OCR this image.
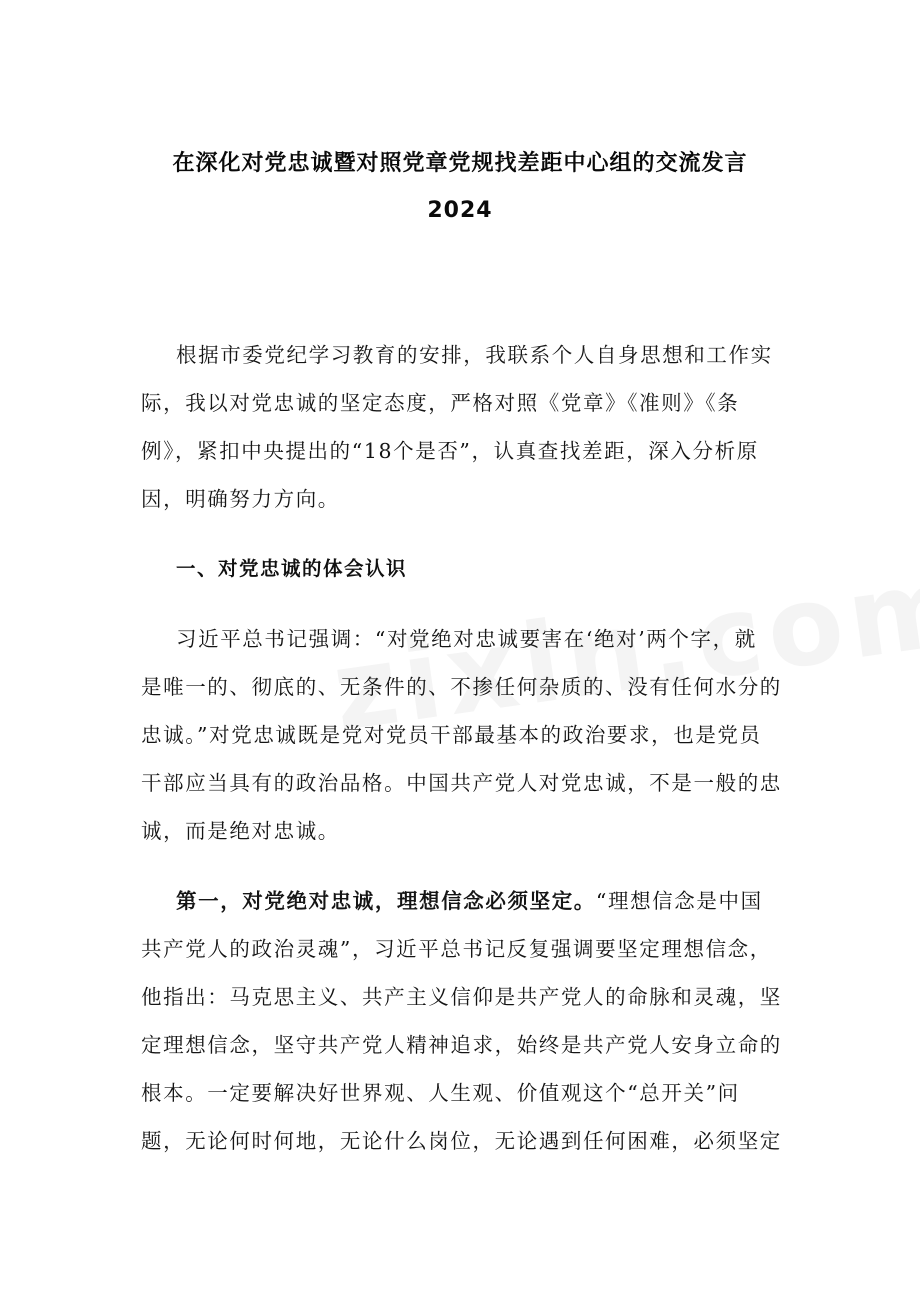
在深化对党忠诚暨对照党章党规找差距中心组的交流发言
2024
根据市委党纪学习教育的安排，我联系个人自身思想和工作实
际，我以对党忠诚的坚定态度，严格对照《党章》《准则》《条
例》，紧扣中央提出的“18个是否”，认真查找差距，深入分析原
因，明确努力方向。
一、对党忠诚的体会认识
习近平总书记强调：“对党绝对忠诚要害在‘绝对’两个字，就
是唯一的、彻底的、无条件的、不掺任何杂质的、没有任何水分的
忠诚。”对党忠诚既是党对党员干部最基本的政治要求，也是党员
干部应当具有的政治品格。中国共产党人对党忠诚，不是一般的忠
诚，而是绝对忠诚。
第一，对党绝对忠诚，理想信念必须坚定。“理想信念是中国
共产党人的政治灵魂”，习近平总书记反复强调要坚定理想信念，
他指出：马克思主义、共产主义信仰是共产党人的命脉和灵魂，坚
定理想信念，坚守共产党人精神追求，始终是共产党人安身立命的
根本。一定要解决好世界观、人生观、价值观这个“总开关”问
题，无论何时何地，无论什么岗位，无论遇到任何困难，必须坚定
